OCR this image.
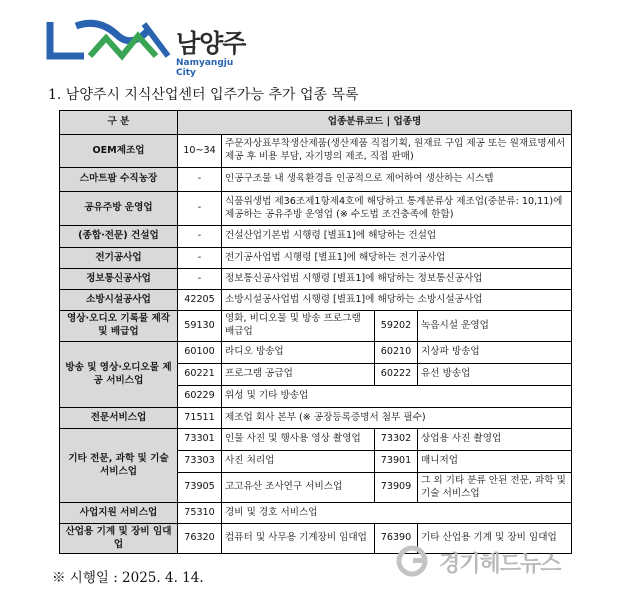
남양주
Namyangju City
1. 남양주시 지식산업센터 입주가능 추가 업종 목록
구 분	업종분류코드 | 업종명			
OEM제조업	10~34	주문자상표부착생산제품(생산제품 직접기획, 원재료 구입 제공 또는 원재료명세서 제공 후 비용 부담, 자기명의 제조, 직접 판매)		
스마트팜 수직농장	-	인공구조물 내 생육환경을 인공적으로 제어하여 생산하는 시스템		
공유주방 운영업	-	식품위생법 제36조제1항제4호에 해당하고 통계분류상 제조업(중분류: 10,11)에 제공하는 공유주방 운영업 (※ 수도법 조건충족에 한함)		
(종합·전문) 건설업	-	건설산업기본법 시행령 [별표1]에 해당하는 건설업		
전기공사업	-	전기공사업법 시행령 [별표1]에 해당하는 전기공사업		
정보통신공사업	-	정보통신공사업법 시행령 [별표1]에 해당하는 정보통신공사업		
소방시설공사업	42205	소방시설공사업법 시행령 [별표1]에 해당하는 소방시설공사업		
영상·오디오 기록물 제작 및 배급업	59130	영화, 비디오물 및 방송 프로그램 배급업	59202	녹음시설 운영업
방송 및 영상·오디오물 제공 서비스업	60100	라디오 방송업	60210	지상파 방송업
	60221	프로그램 공급업	60222	유선 방송업
	60229	위성 및 기타 방송업		
전문서비스업	71511	제조업 회사 본부 (※ 공장등록증명서 첨부 필수)		
기타 전문, 과학 및 기술 서비스업	73301	인물 사진 및 행사용 영상 촬영업	73302	상업용 사진 촬영업
	73303	사진 처리업	73901	매니저업
	73905	고고유산 조사연구 서비스업	73909	그 외 기타 분류 안된 전문, 과학 및 기술 서비스업
사업지원 서비스업	75310	경비 및 경호 서비스업		
산업용 기계 및 장비 임대업	76320	컴퓨터 및 사무용 기계장비 임대업	76390	기타 산업용 기계 및 장비 임대업
경기헤드뉴스
※ 시행일 : 2025. 4. 14.
